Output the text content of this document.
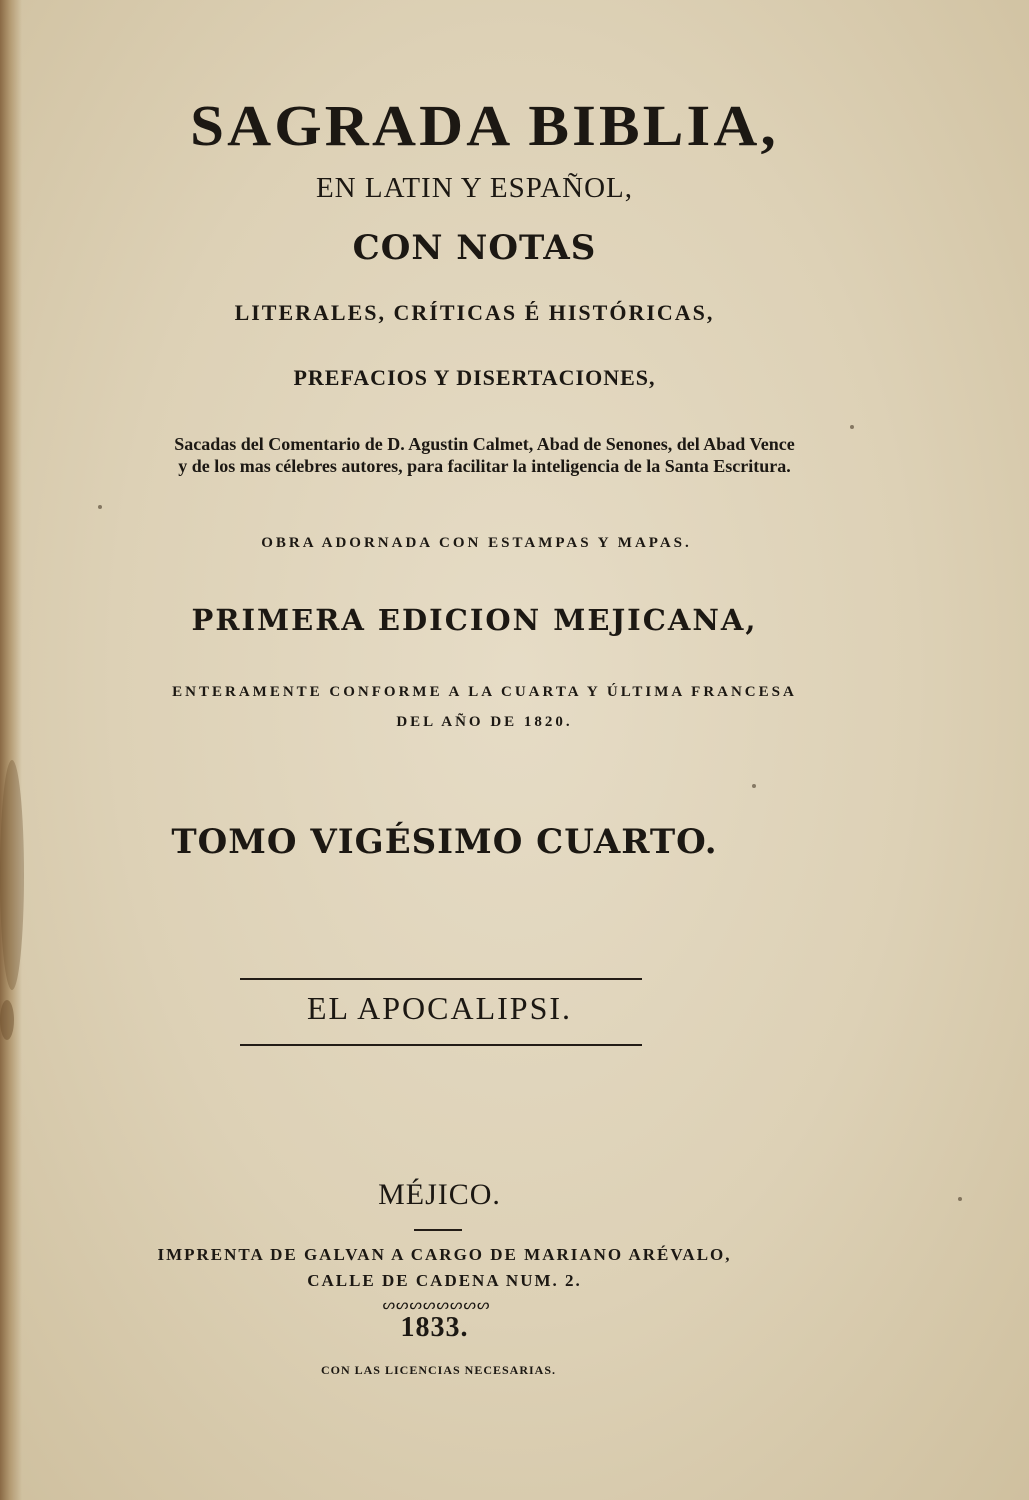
SAGRADA BIBLIA,

EN LATIN Y ESPAÑOL,

CON NOTAS

LITERALES, CRÍTICAS É HISTÓRICAS,

PREFACIOS Y DISERTACIONES,

Sacadas del Comentario de D. Agustin Calmet, Abad de Senones, del Abad Vence
y de los mas célebres autores, para facilitar la inteligencia de la Santa Escritura.

OBRA ADORNADA CON ESTAMPAS Y MAPAS.

PRIMERA EDICION MEJICANA,

ENTERAMENTE CONFORME A LA CUARTA Y ÚLTIMA FRANCESA
DEL AÑO DE 1820.

TOMO VIGÉSIMO CUARTO.

EL APOCALIPSI.

MÉJICO.

IMPRENTA DE GALVAN A CARGO DE MARIANO ARÉVALO,
CALLE DE CADENA NUM. 2.

ᔕᔕᔕᔕᔕᔕᔕᔕ

1833.

CON LAS LICENCIAS NECESARIAS.
